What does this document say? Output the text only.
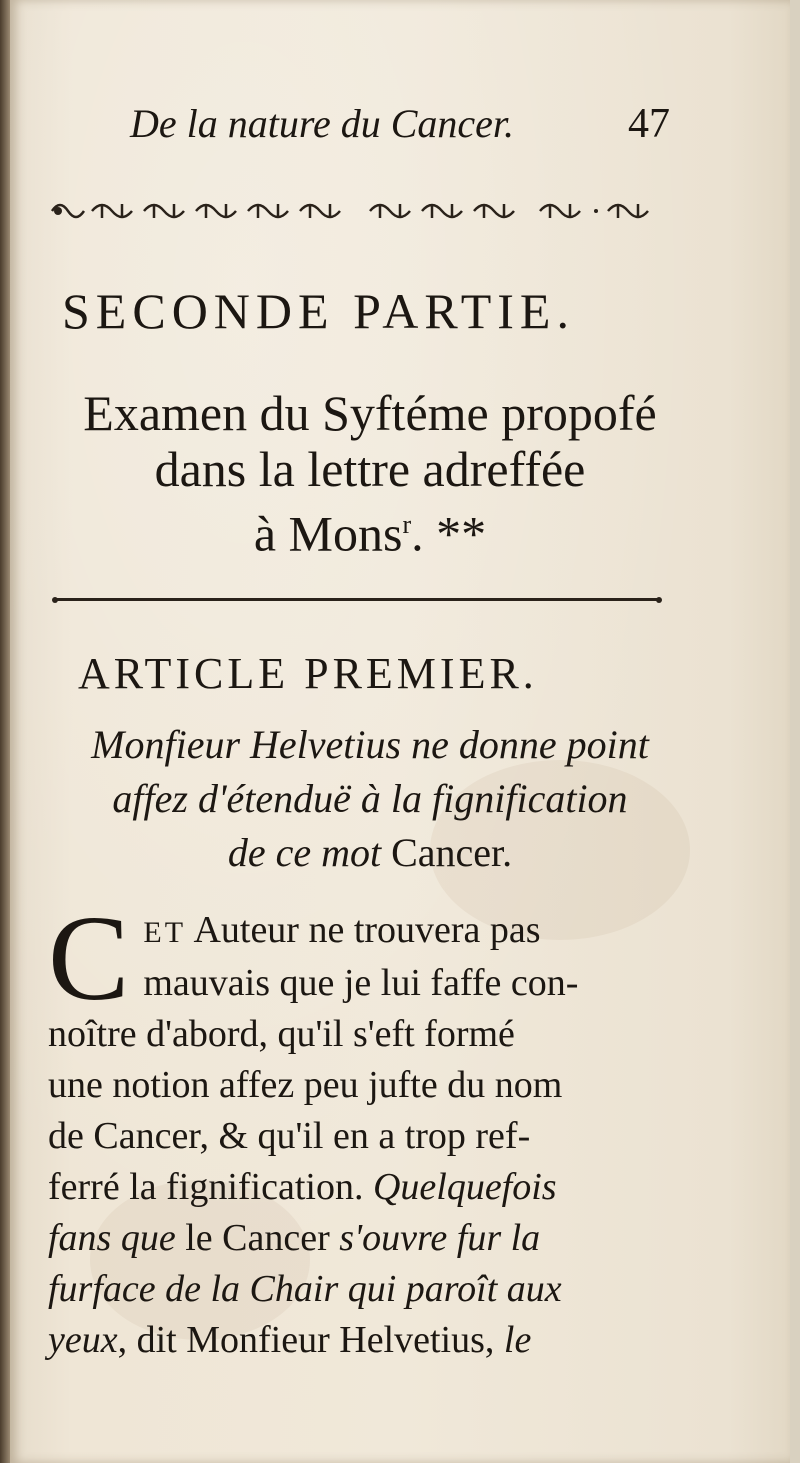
De la nature du Cancer.	47
SECONDE PARTIE.
Examen du Syftéme propofé
dans la lettre adreffée
à Mons$^r$. **
ARTICLE PREMIER.
Monfieur Helvetius ne donne point
affez d'étenduë à la fignification
de ce mot Cancer.
C ET Auteur ne trouvera pas
mauvais que je lui faffe con-
noître d'abord, qu'il s'eft formé
une notion affez peu jufte du nom
de Cancer, & qu'il en a trop ref-
ferré la fignification. Quelquefois
fans que le Cancer s'ouvre fur la
furface de la Chair qui paroît aux
yeux, dit Monfieur Helvetius, le
